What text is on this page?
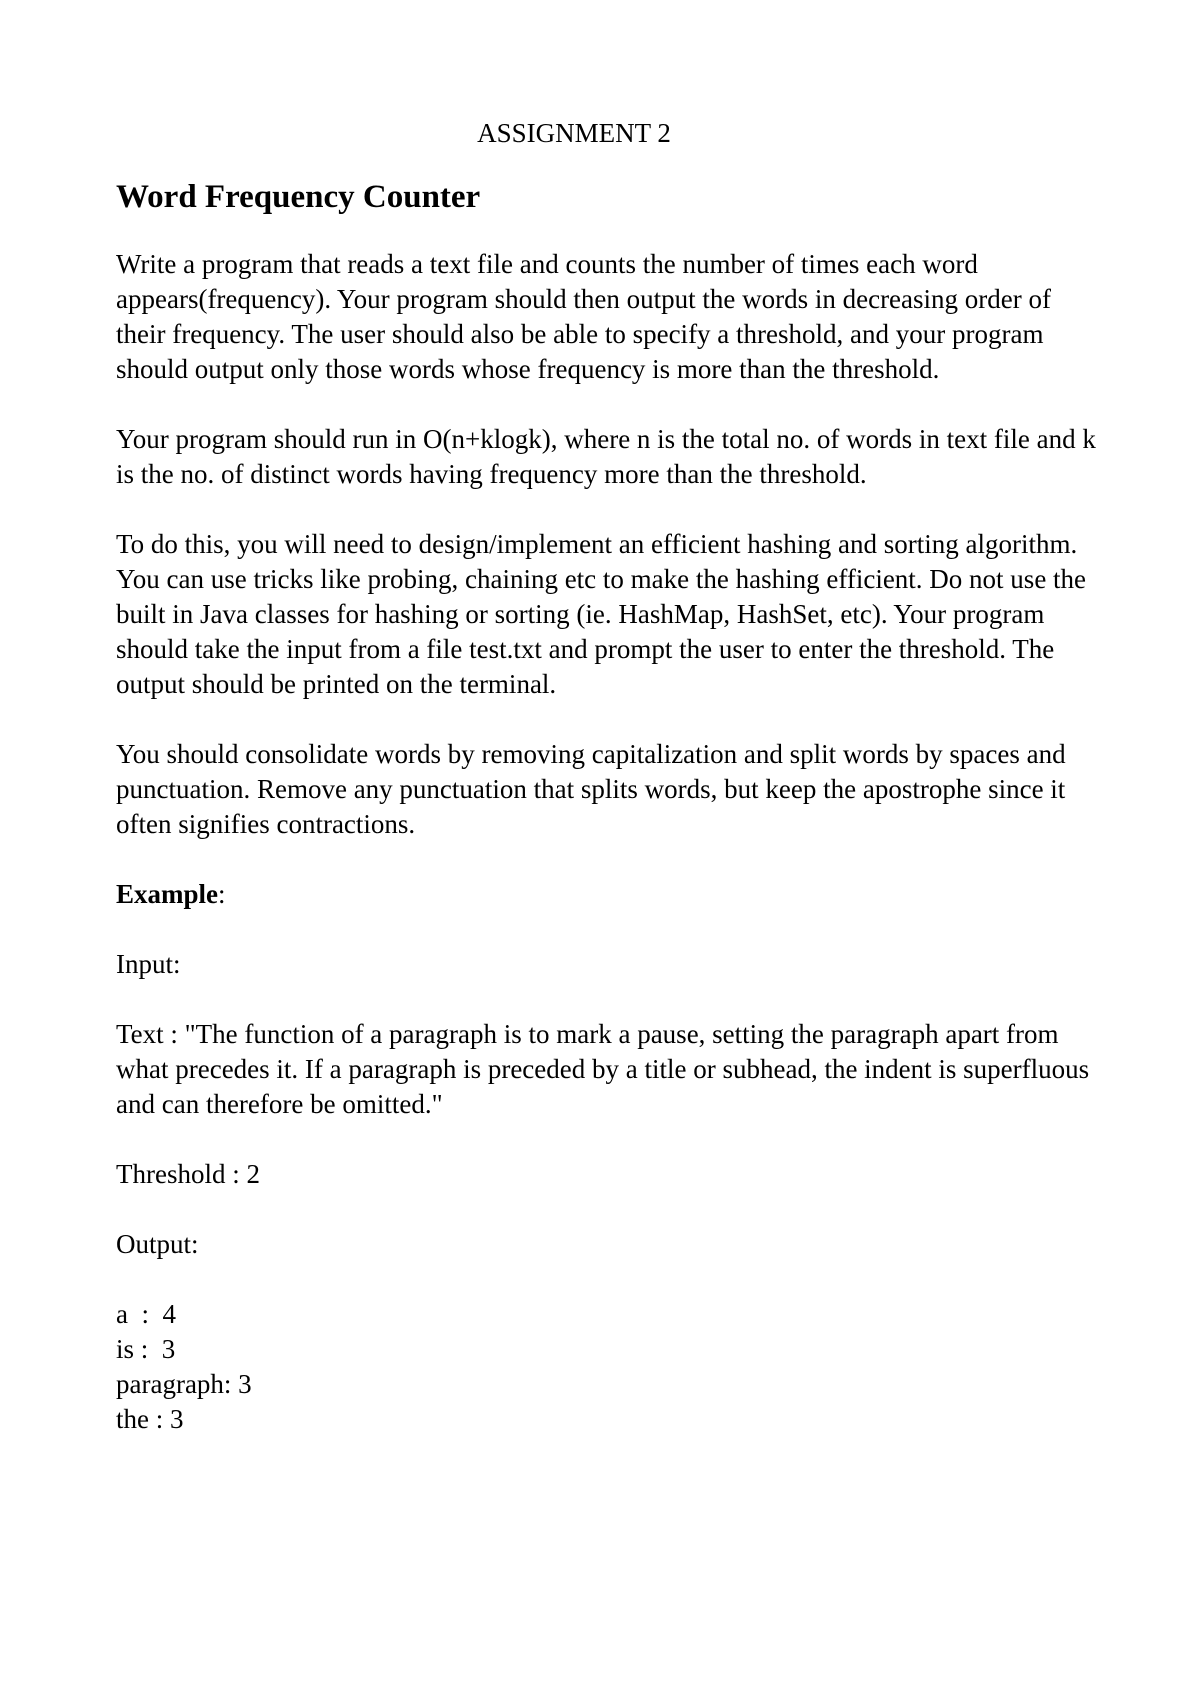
ASSIGNMENT 2
Word Frequency Counter

Write a program that reads a text file and counts the number of times each word appears(frequency). Your program should then output the words in decreasing order of their frequency. The user should also be able to specify a threshold, and your program should output only those words whose frequency is more than the threshold.

Your program should run in O(n+klogk), where n is the total no. of words in text file and k is the no. of distinct words having frequency more than the threshold.

To do this, you will need to design/implement an efficient hashing and sorting algorithm. You can use tricks like probing, chaining etc to make the hashing efficient. Do not use the built in Java classes for hashing or sorting (ie. HashMap, HashSet, etc). Your program should take the input from a file test.txt and prompt the user to enter the threshold. The output should be printed on the terminal.

You should consolidate words by removing capitalization and split words by spaces and punctuation. Remove any punctuation that splits words, but keep the apostrophe since it often signifies contractions.

Example:
Input:
Text : "The function of a paragraph is to mark a pause, setting the paragraph apart from what precedes it. If a paragraph is preceded by a title or subhead, the indent is superfluous and can therefore be omitted."
Threshold : 2
Output:
a  :  4
is :  3
paragraph: 3
the : 3
